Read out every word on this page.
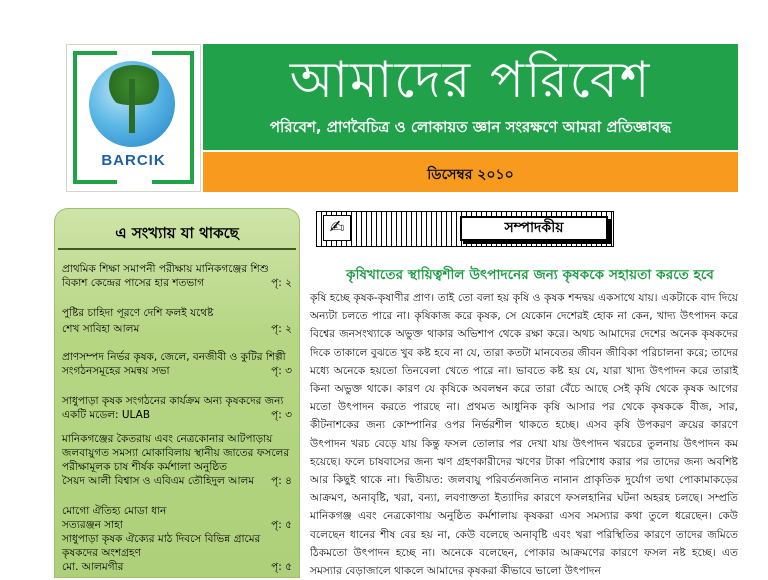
BARCIK
আমাদের পরিবেশ
পরিবেশ, প্রাণবৈচিত্র ও লোকায়ত জ্ঞান সংরক্ষণে আমরা প্রতিজ্ঞাবদ্ধ
ডিসেম্বর ২০১০
এ সংখ্যায় যা থাকছে
প্রাথমিক শিক্ষা সমাপনী পরীক্ষায় মানিকগঞ্জের শিশু বিকাশ কেন্দ্রের পাসের হার শতভাগ	পৃ: ২
পুষ্টির চাহিদা পূরণে দেশি ফলই যথেষ্ট
শেখ সাবিহা আলম	পৃ: ২
প্রাণসম্পদ নির্ভর কৃষক, জেলে, বনজীবী ও কুটির শিল্পী সংগঠনসমূহের সমন্বয় সভা	পৃ: ৩
সাধুপাড়া কৃষক সংগঠনের কার্যক্রম অন্য কৃষকদের জন্য একটি মডেল: ULAB	পৃ: ৩
মানিকগঞ্জের কৈতরায় এবং নেত্রকোনার আটপাড়ায় জলবায়ুগত সমস্যা মোকাবিলায় স্থানীয় জাতের ফসলের পরীক্ষামূলক চাষ শীর্ষক কর্মশালা অনুষ্ঠিত
সৈয়দ আলী বিশ্বাস ও এবিএম তৌহিদুল আলম পৃ: ৪
মোগো ঐতিহ্য মোডা ধান
সত্যরঞ্জন সাহা	পৃ: ৫
সাধুপাড়া কৃষক ঐক্যের মাঠ দিবসে বিভিন্ন গ্রামের কৃষকদের অংশগ্রহণ
মো. আলমগীর	পৃ: ৫
✍	সম্পাদকীয়
কৃষিখাতের স্থায়িত্বশীল উৎপাদনের জন্য কৃষককে সহায়তা করতে হবে
কৃষি হচ্ছে কৃষক-কৃষাণীর প্রাণ। তাই তো বলা হয় কৃষি ও কৃষক শব্দদ্বয় একসাথে যায়। একটাকে বাদ দিয়ে অন্যটা চলতে পারে না। কৃষিকাজ করে কৃষক, সে যেকোন দেশেরই হোক না কেন, খাদ্য উৎপাদন করে বিশ্বের জনসংখ্যাকে অভুক্ত থাকার অভিশাপ থেকে রক্ষা করে। অথচ আমাদের দেশের অনেক কৃষকদের দিকে তাকালে বুঝতে খুব কষ্ট হবে না যে, তারা কতটা মানবেতর জীবন জীবিকা পরিচালনা করে; তাদের মধ্যে অনেকে হয়তো তিনবেলা খেতে পারে না। ভাবতে কষ্ট হয় যে, যারা খাদ্য উৎপাদন করে তারাই কিনা অভুক্ত থাকে। কারণ যে কৃষিকে অবলম্বন করে তারা বেঁচে আছে সেই কৃষি থেকে কৃষক আগের মতো উৎপাদন করতে পারছে না। প্রথমত আধুনিক কৃষি আসার পর থেকে কৃষককে বীজ, সার, কীটনাশকের জন্য কোম্পানির ওপর নির্ভরশীল থাকতে হচ্ছে। এসব কৃষি উপকরণ ক্রয়ের কারণে উৎপাদন খরচ বেড়ে যায় কিন্তু ফসল তোলার পর দেখা যায় উৎপাদন খরচের তুলনায় উৎপাদন কম হয়েছে। ফলে চাষবাসের জন্য ঋণ গ্রহণকারীদের ঋণের টাকা পরিশোধ করার পর তাদের জন্য অবশিষ্ট আর কিছুই থাকে না। দ্বিতীয়ত: জলবায়ু পরিবর্তনজনিত নানান প্রাকৃতিক দুর্যোগ তথা পোকামাকড়ের আক্রমণ, অনাবৃষ্টি, খরা, বন্যা, লবণাক্ততা ইত্যাদির কারণে ফসলহানির ঘটনা অহরহ চলছে। সম্প্রতি মানিকগঞ্জ এবং নেত্রকোণায় অনুষ্ঠিত কর্মশালায় কৃষকরা এসব সমস্যার কথা তুলে ধরেছেন। কেউ বলেছেন ধানের শীষ বের হয় না, কেউ বলেছে অনাবৃষ্টি এবং খরা পরিস্থিতির কারণে তাদের জমিতে ঠিকমতো উৎপাদন হচ্ছে না। অনেকে বলেছেন, পোকার আক্রমণের কারণে ফসল নষ্ট হচ্ছে। এত সমস্যার বেড়াজালে থাকলে আমাদের কৃষকরা কীভাবে ভালো উৎপাদন
